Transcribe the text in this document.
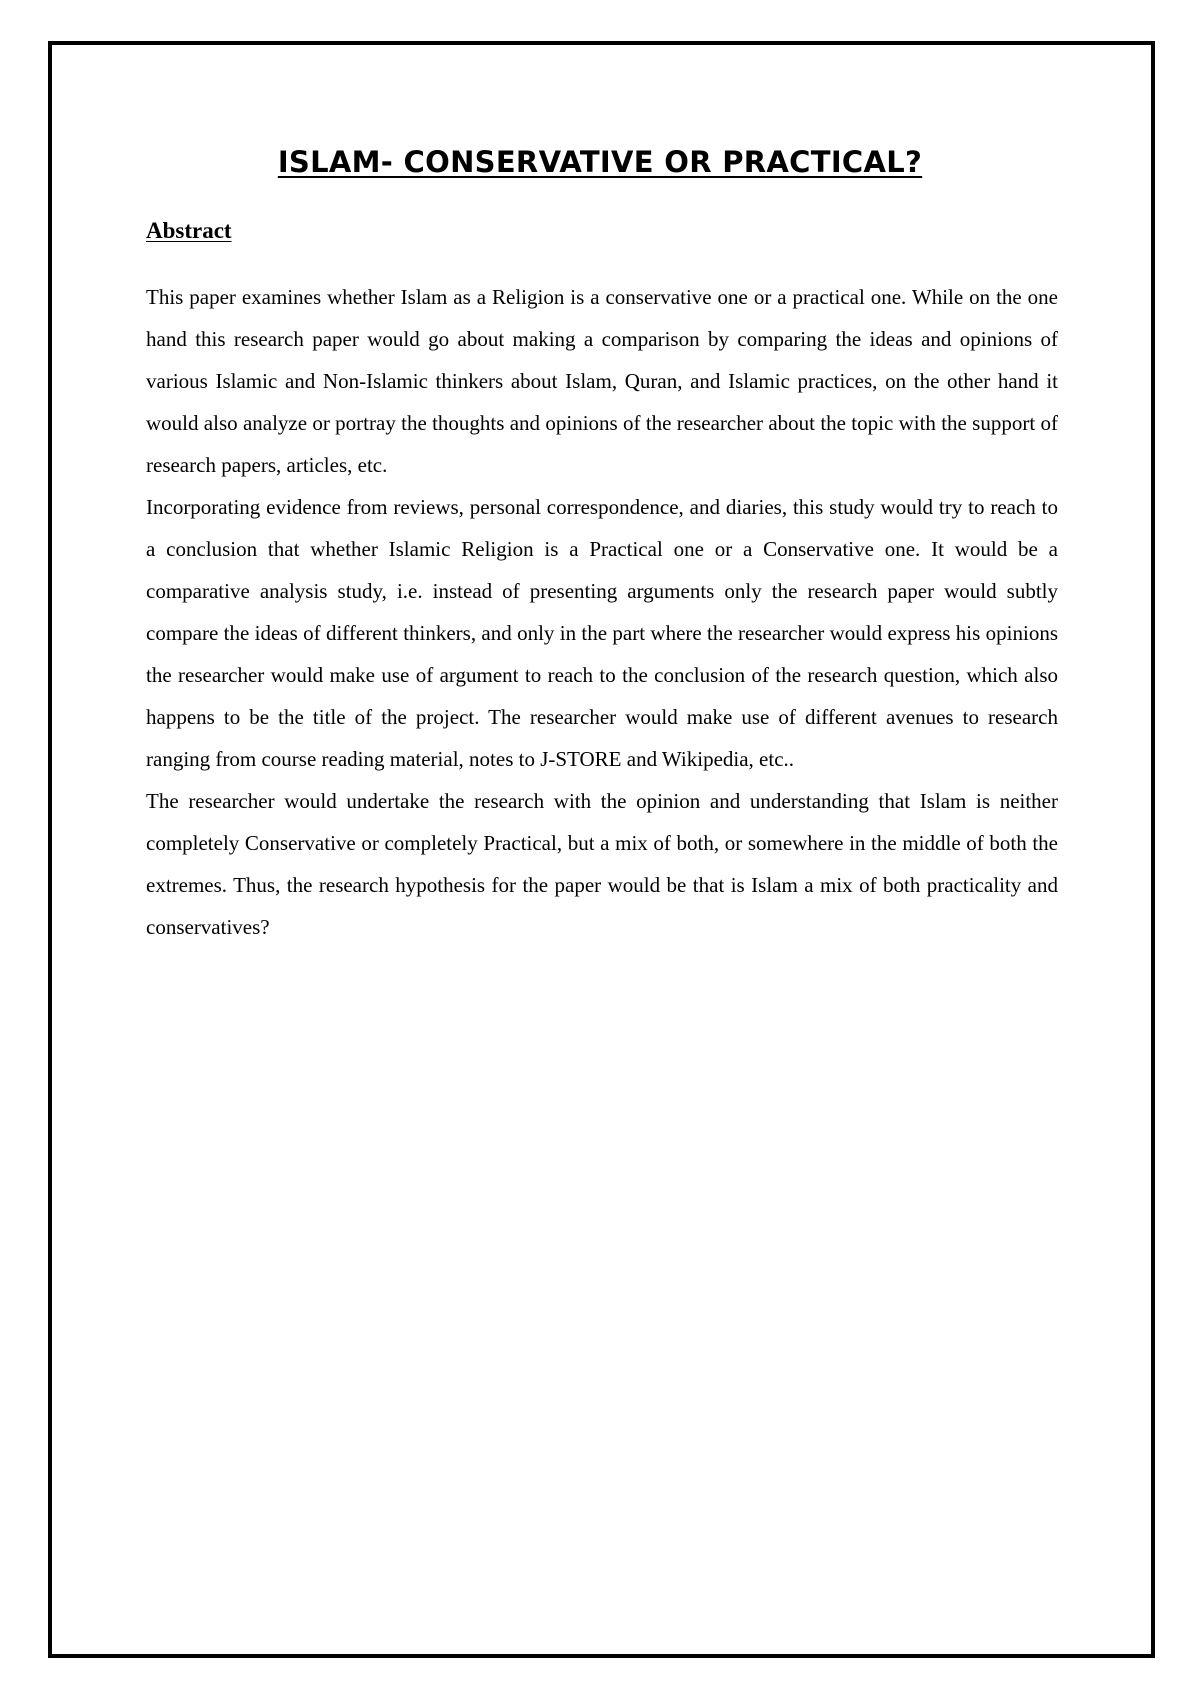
ISLAM- CONSERVATIVE OR PRACTICAL?
Abstract

This paper examines whether Islam as a Religion is a conservative one or a practical one. While on the one hand this research paper would go about making a comparison by comparing the ideas and opinions of various Islamic and Non-Islamic thinkers about Islam, Quran, and Islamic practices, on the other hand it would also analyze or portray the thoughts and opinions of the researcher about the topic with the support of research papers, articles, etc.

Incorporating evidence from reviews, personal correspondence, and diaries, this study would try to reach to a conclusion that whether Islamic Religion is a Practical one or a Conservative one. It would be a comparative analysis study, i.e. instead of presenting arguments only the research paper would subtly compare the ideas of different thinkers, and only in the part where the researcher would express his opinions the researcher would make use of argument to reach to the conclusion of the research question, which also happens to be the title of the project. The researcher would make use of different avenues to research ranging from course reading material, notes to J-STORE and Wikipedia, etc..

The researcher would undertake the research with the opinion and understanding that Islam is neither completely Conservative or completely Practical, but a mix of both, or somewhere in the middle of both the extremes. Thus, the research hypothesis for the paper would be that is Islam a mix of both practicality and conservatives?
